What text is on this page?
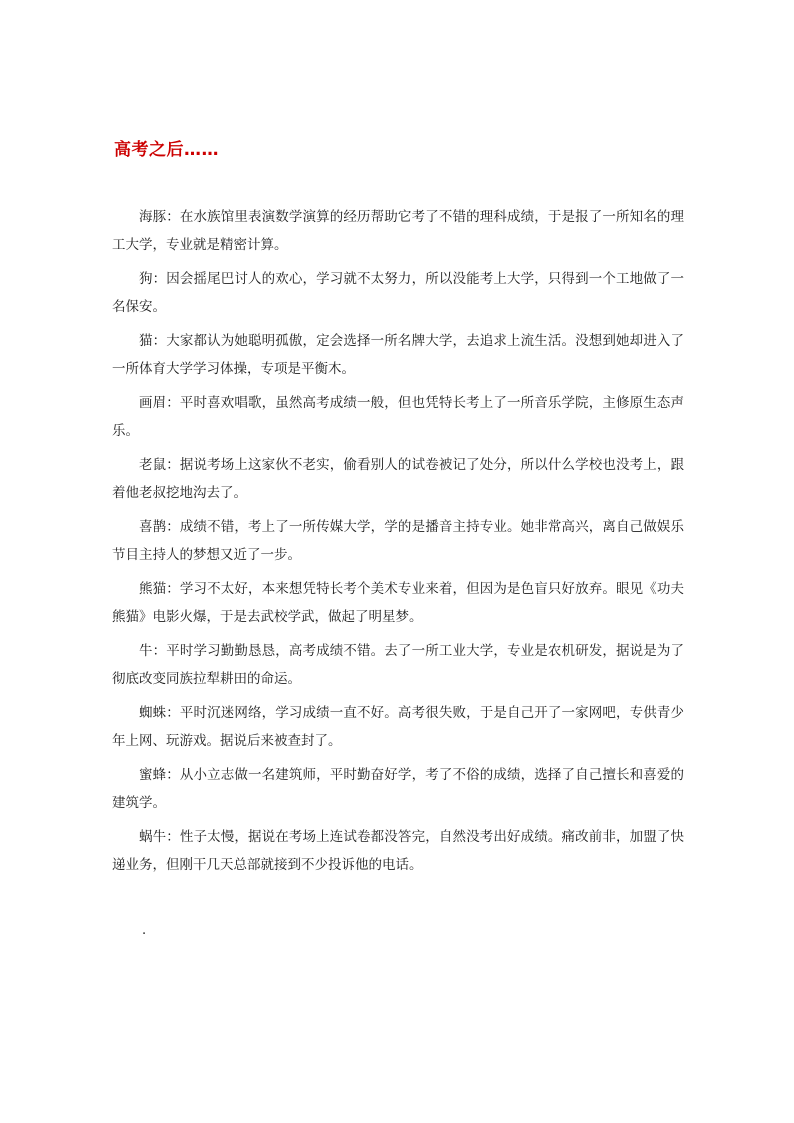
高考之后……

海豚：在水族馆里表演数学演算的经历帮助它考了不错的理科成绩，于是报了一所知名的理工大学，专业就是精密计算。

狗：因会摇尾巴讨人的欢心，学习就不太努力，所以没能考上大学，只得到一个工地做了一名保安。

猫：大家都认为她聪明孤傲，定会选择一所名牌大学，去追求上流生活。没想到她却进入了一所体育大学学习体操，专项是平衡木。

画眉：平时喜欢唱歌，虽然高考成绩一般，但也凭特长考上了一所音乐学院，主修原生态声乐。

老鼠：据说考场上这家伙不老实，偷看别人的试卷被记了处分，所以什么学校也没考上，跟着他老叔挖地沟去了。

喜鹊：成绩不错，考上了一所传媒大学，学的是播音主持专业。她非常高兴，离自己做娱乐节目主持人的梦想又近了一步。

熊猫：学习不太好，本来想凭特长考个美术专业来着，但因为是色盲只好放弃。眼见《功夫熊猫》电影火爆，于是去武校学武，做起了明星梦。

牛：平时学习勤勤恳恳，高考成绩不错。去了一所工业大学，专业是农机研发，据说是为了彻底改变同族拉犁耕田的命运。

蜘蛛：平时沉迷网络，学习成绩一直不好。高考很失败，于是自己开了一家网吧，专供青少年上网、玩游戏。据说后来被查封了。

蜜蜂：从小立志做一名建筑师，平时勤奋好学，考了不俗的成绩，选择了自己擅长和喜爱的建筑学。

蜗牛：性子太慢，据说在考场上连试卷都没答完，自然没考出好成绩。痛改前非，加盟了快递业务，但刚干几天总部就接到不少投诉他的电话。

.
